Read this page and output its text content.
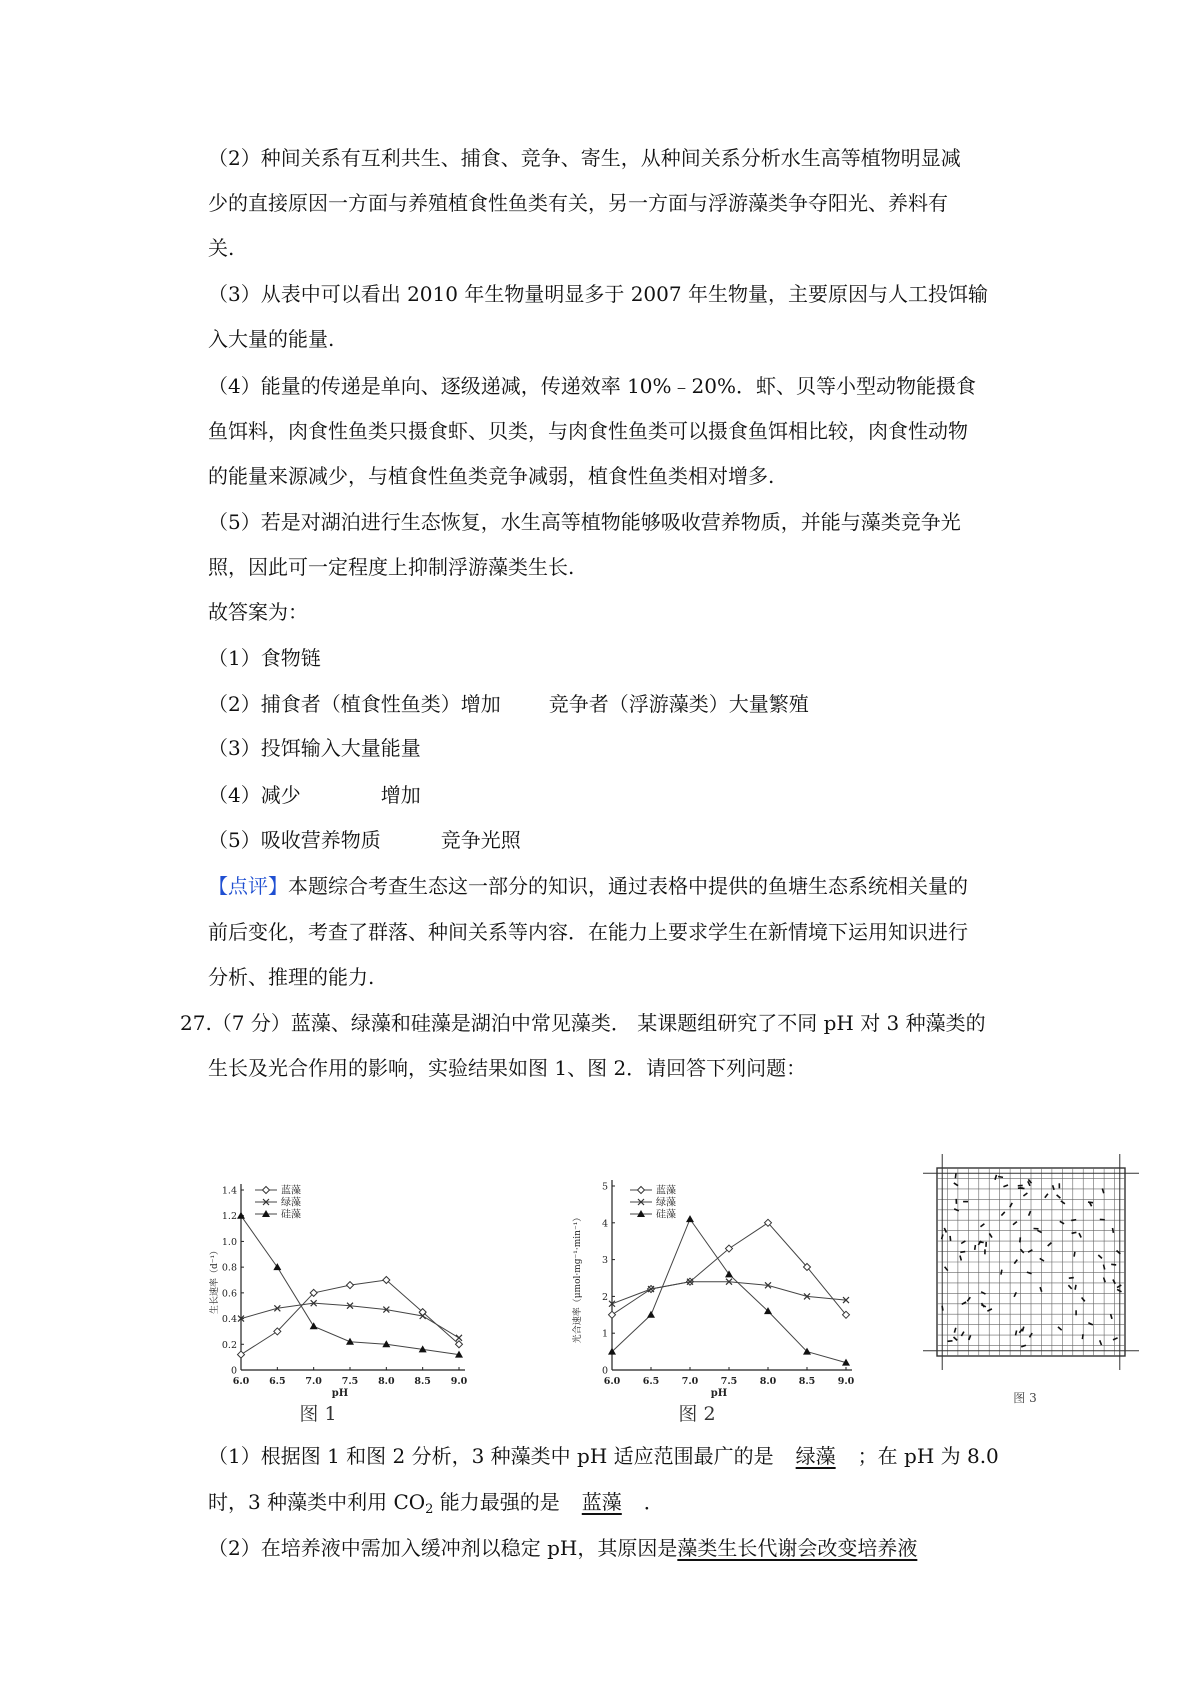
（2）种间关系有互利共生、捕食、竞争、寄生，从种间关系分析水生高等植物明显减
少的直接原因一方面与养殖植食性鱼类有关，另一方面与浮游藻类争夺阳光、养料有
关.
（3）从表中可以看出 2010 年生物量明显多于 2007 年生物量，主要原因与人工投饵输
入大量的能量.
（4）能量的传递是单向、逐级递减，传递效率 10%﹣20%．虾、贝等小型动物能摄食
鱼饵料，肉食性鱼类只摄食虾、贝类，与肉食性鱼类可以摄食鱼饵相比较，肉食性动物
的能量来源减少，与植食性鱼类竞争减弱，植食性鱼类相对增多.
（5）若是对湖泊进行生态恢复，水生高等植物能够吸收营养物质，并能与藻类竞争光
照，因此可一定程度上抑制浮游藻类生长.
故答案为：
（1）食物链
（2）捕食者（植食性鱼类）增加 竞争者（浮游藻类）大量繁殖
（3）投饵输入大量能量
（4）减少	增加
（5）吸收营养物质	竞争光照
【点评】本题综合考查生态这一部分的知识，通过表格中提供的鱼塘生态系统相关量的
前后变化，考查了群落、种间关系等内容．在能力上要求学生在新情境下运用知识进行
分析、推理的能力.
27.（7 分）蓝藻、绿藻和硅藻是湖泊中常见藻类． 某课题组研究了不同 pH 对 3 种藻类的
生长及光合作用的影响，实验结果如图 1、图 2．请回答下列问题：
0
0.2
0.4
0.6
0.8
1.0
1.2
1.4
6.0 6.5 7.0 7.5 8.0 8.5 9.0
pH
生长速率（d⁻¹）
图 1
蓝藻
绿藻
硅藻
0
1
2
3
4
5
6.0 6.5 7.0 7.5 8.0 8.5 9.0
pH
光合速率（μmol·mg⁻¹·min⁻¹）
图 2
蓝藻
绿藻
硅藻
图 3
（1）根据图 1 和图 2 分析，3 种藻类中 pH 适应范围最广的是 绿藻 ；在 pH 为 8.0
时，3 种藻类中利用 $CO_2$ 能力最强的是 蓝藻 ．
（2）在培养液中需加入缓冲剂以稳定 pH，其原因是藻类生长代谢会改变培养液
